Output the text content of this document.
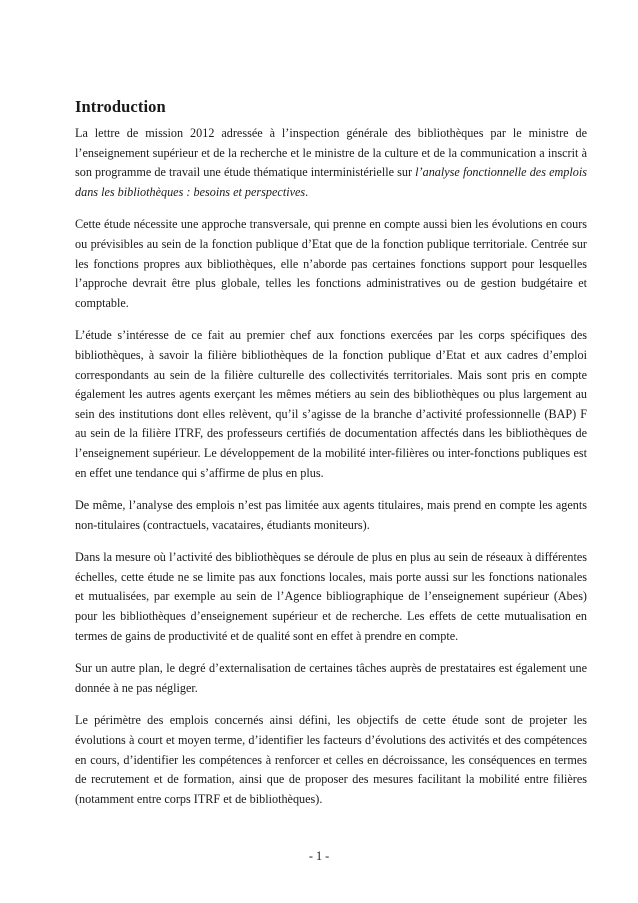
Introduction

La lettre de mission 2012 adressée à l’inspection générale des bibliothèques par le ministre de l’enseignement supérieur et de la recherche et le ministre de la culture et de la communication a inscrit à son programme de travail une étude thématique interministérielle sur l’analyse fonctionnelle des emplois dans les bibliothèques : besoins et perspectives.

Cette étude nécessite une approche transversale, qui prenne en compte aussi bien les évolutions en cours ou prévisibles au sein de la fonction publique d’Etat que de la fonction publique territoriale. Centrée sur les fonctions propres aux bibliothèques, elle n’aborde pas certaines fonctions support pour lesquelles l’approche devrait être plus globale, telles les fonctions administratives ou de gestion budgétaire et comptable.

L’étude s’intéresse de ce fait au premier chef aux fonctions exercées par les corps spécifiques des bibliothèques, à savoir la filière bibliothèques de la fonction publique d’Etat et aux cadres d’emploi correspondants au sein de la filière culturelle des collectivités territoriales. Mais sont pris en compte également les autres agents exerçant les mêmes métiers au sein des bibliothèques ou plus largement au sein des institutions dont elles relèvent, qu’il s’agisse de la branche d’activité professionnelle (BAP) F au sein de la filière ITRF, des professeurs certifiés de documentation affectés dans les bibliothèques de l’enseignement supérieur. Le développement de la mobilité inter-filières ou inter-fonctions publiques est en effet une tendance qui s’affirme de plus en plus.

De même, l’analyse des emplois n’est pas limitée aux agents titulaires, mais prend en compte les agents non-titulaires (contractuels, vacataires, étudiants moniteurs).

Dans la mesure où l’activité des bibliothèques se déroule de plus en plus au sein de réseaux à différentes échelles, cette étude ne se limite pas aux fonctions locales, mais porte aussi sur les fonctions nationales et mutualisées, par exemple au sein de l’Agence bibliographique de l’enseignement supérieur (Abes) pour les bibliothèques d’enseignement supérieur et de recherche. Les effets de cette mutualisation en termes de gains de productivité et de qualité sont en effet à prendre en compte.

Sur un autre plan, le degré d’externalisation de certaines tâches auprès de prestataires est également une donnée à ne pas négliger.

Le périmètre des emplois concernés ainsi défini, les objectifs de cette étude sont de projeter les évolutions à court et moyen terme, d’identifier les facteurs d’évolutions des activités et des compétences en cours, d’identifier les compétences à renforcer et celles en décroissance, les conséquences en termes de recrutement et de formation, ainsi que de proposer des mesures facilitant la mobilité entre filières (notamment entre corps ITRF et de bibliothèques).

- 1 -
